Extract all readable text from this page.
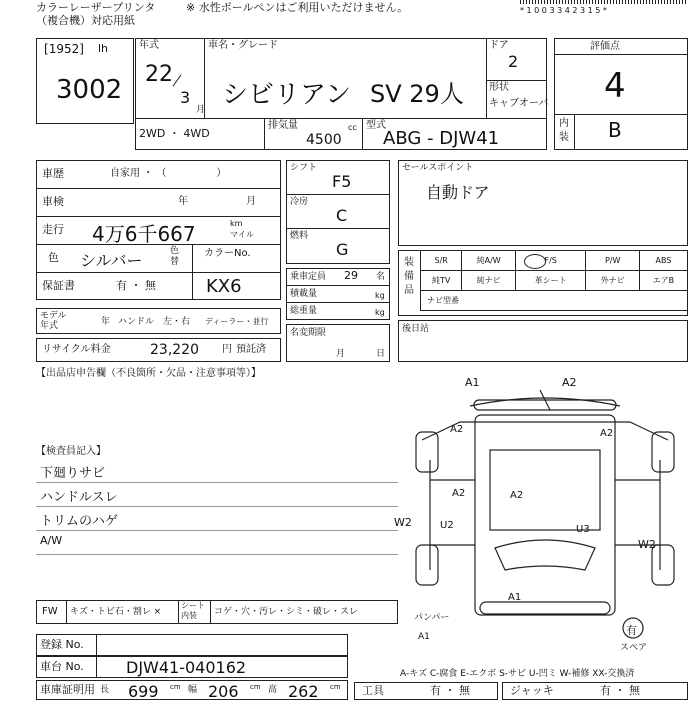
カラーレーザープリンタ
（複合機）対応用紙
※ 水性ボールペンはご利用いただけません。	* 1 0 0 3 3 4 2 3 1 5 *
[1952] lh
3002
年式
22
3
月
車名・グレード
シビリアン SV 29人
ドア
2
形状
キャブオーバ
2WD ・ 4WD
排気量
4500
cc 型式
ABG - DJW41
評価点
4
内装 B
車歴	自家用 ・ （　　　　　）
車検	年	月
走行 4万6千667	km
マイル
色 シルバー	色替
カラーNo.
KX6
保証書	有 ・ 無
モデル年式	年 ハンドル　左・右 ディーラー・並行
リサイクル料金	23,220 円 預託済
シフト
F5
冷房
C
燃料
G
乗車定員 29 名
積載量	kg
総重量	kg
名変期限
月	日
セールスポイント
自動ドア
装備品
S/R	純A/W	F/S	P/W	ABS
純TV	純ナビ	革シート	外ナビ	エアB
ナビ型番				
後日站
【出品店申告欄（不良箇所・欠品・注意事項等）】
【検査員記入】
下廻りサビ
ハンドルスレ
トリムのハゲ
A/W
A1	A2
A2
A2	A2
A2
U2	U3
W2
W2
A1
パンパー
A1	有
スペア
FW キズ・トビ石・割レ ×
シート内装	コゲ・穴・汚レ・シミ・破レ・スレ
登録 No.
車台 No.	DJW41-040162	A-キズ C-腐食 E-エクボ S-サビ U-凹ミ W-補修 XX-交換済
車庫証明用 長 699 cm 幅 206 cm 高 262 cm 工具	有 ・ 無	ジャッキ	有 ・ 無
